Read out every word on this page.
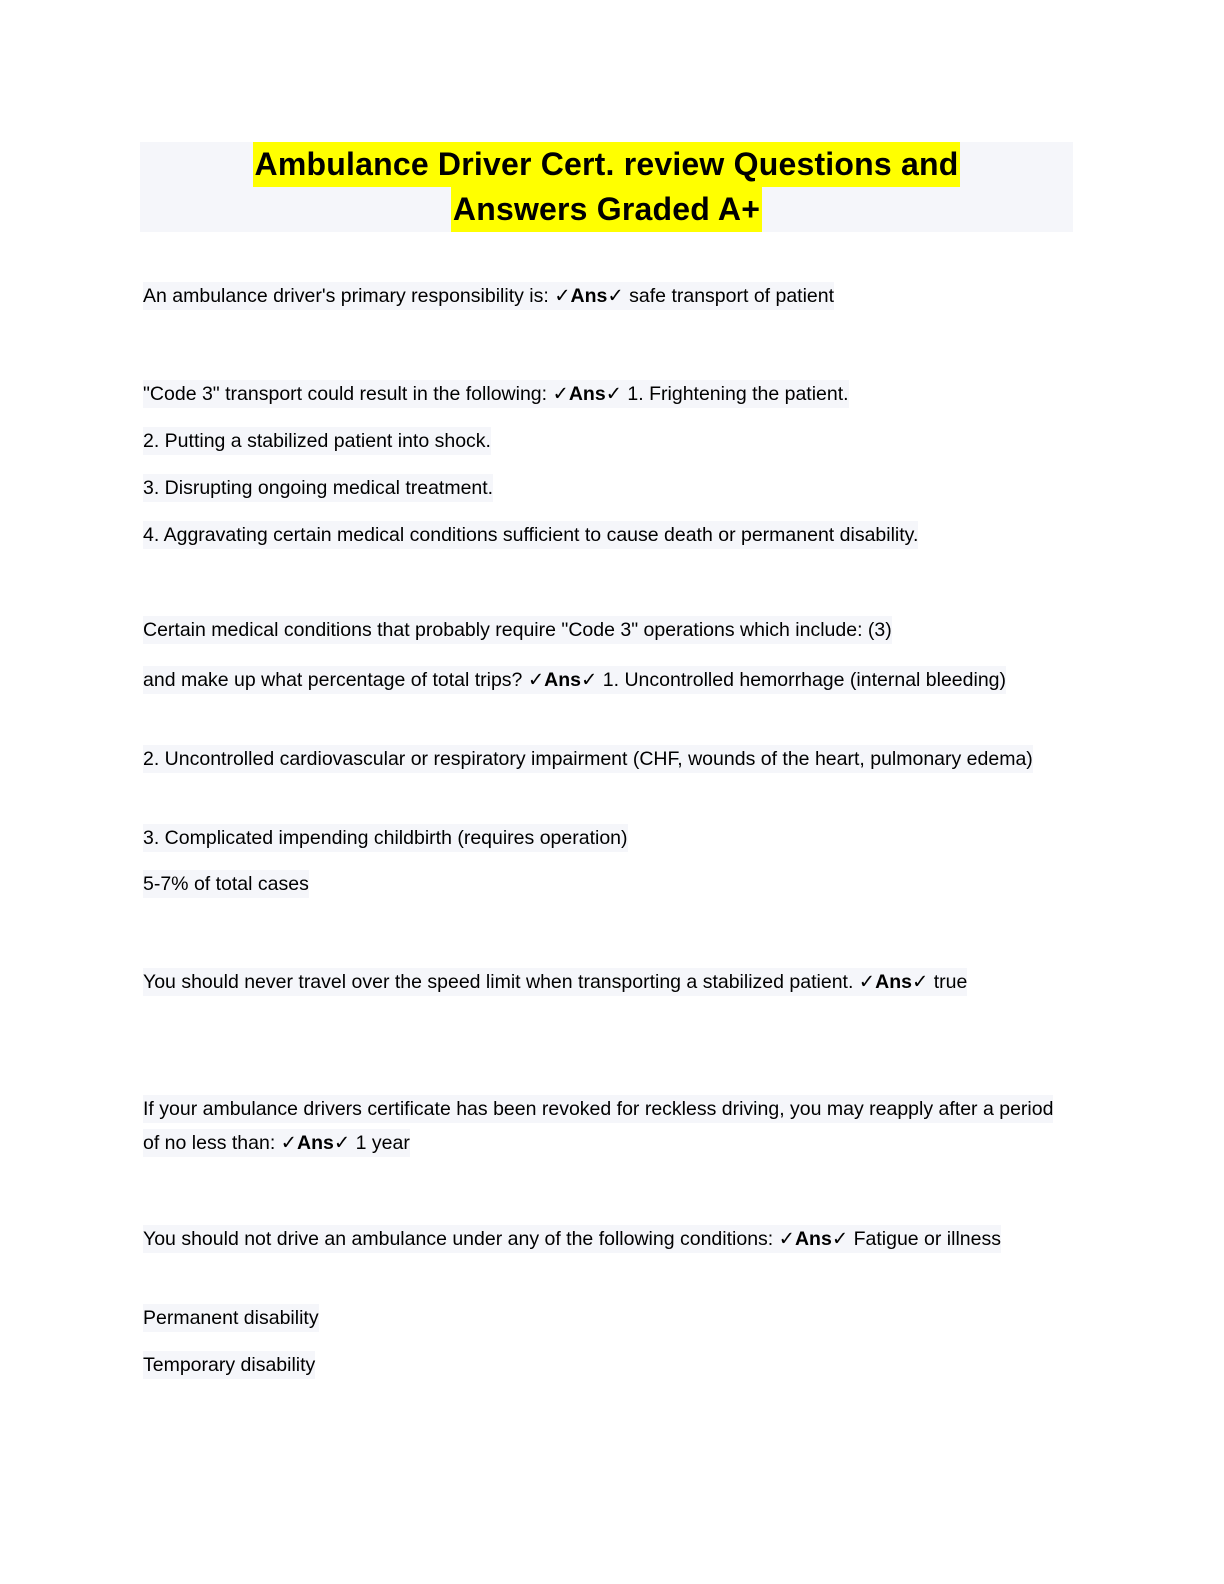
Ambulance Driver Cert. review Questions and
Answers Graded A+
An ambulance driver's primary responsibility is: ✓Ans✓ safe transport of patient
"Code 3" transport could result in the following: ✓Ans✓ 1. Frightening the patient.
2. Putting a stabilized patient into shock.
3. Disrupting ongoing medical treatment.
4. Aggravating certain medical conditions sufficient to cause death or permanent disability.
Certain medical conditions that probably require "Code 3" operations which include: (3)
and make up what percentage of total trips? ✓Ans✓ 1. Uncontrolled hemorrhage (internal bleeding)
2. Uncontrolled cardiovascular or respiratory impairment (CHF, wounds of the heart, pulmonary edema)
3. Complicated impending childbirth (requires operation)
5-7% of total cases
You should never travel over the speed limit when transporting a stabilized patient. ✓Ans✓ true
If your ambulance drivers certificate has been revoked for reckless driving, you may reapply after a period of no less than: ✓Ans✓ 1 year
You should not drive an ambulance under any of the following conditions: ✓Ans✓ Fatigue or illness
Permanent disability
Temporary disability
